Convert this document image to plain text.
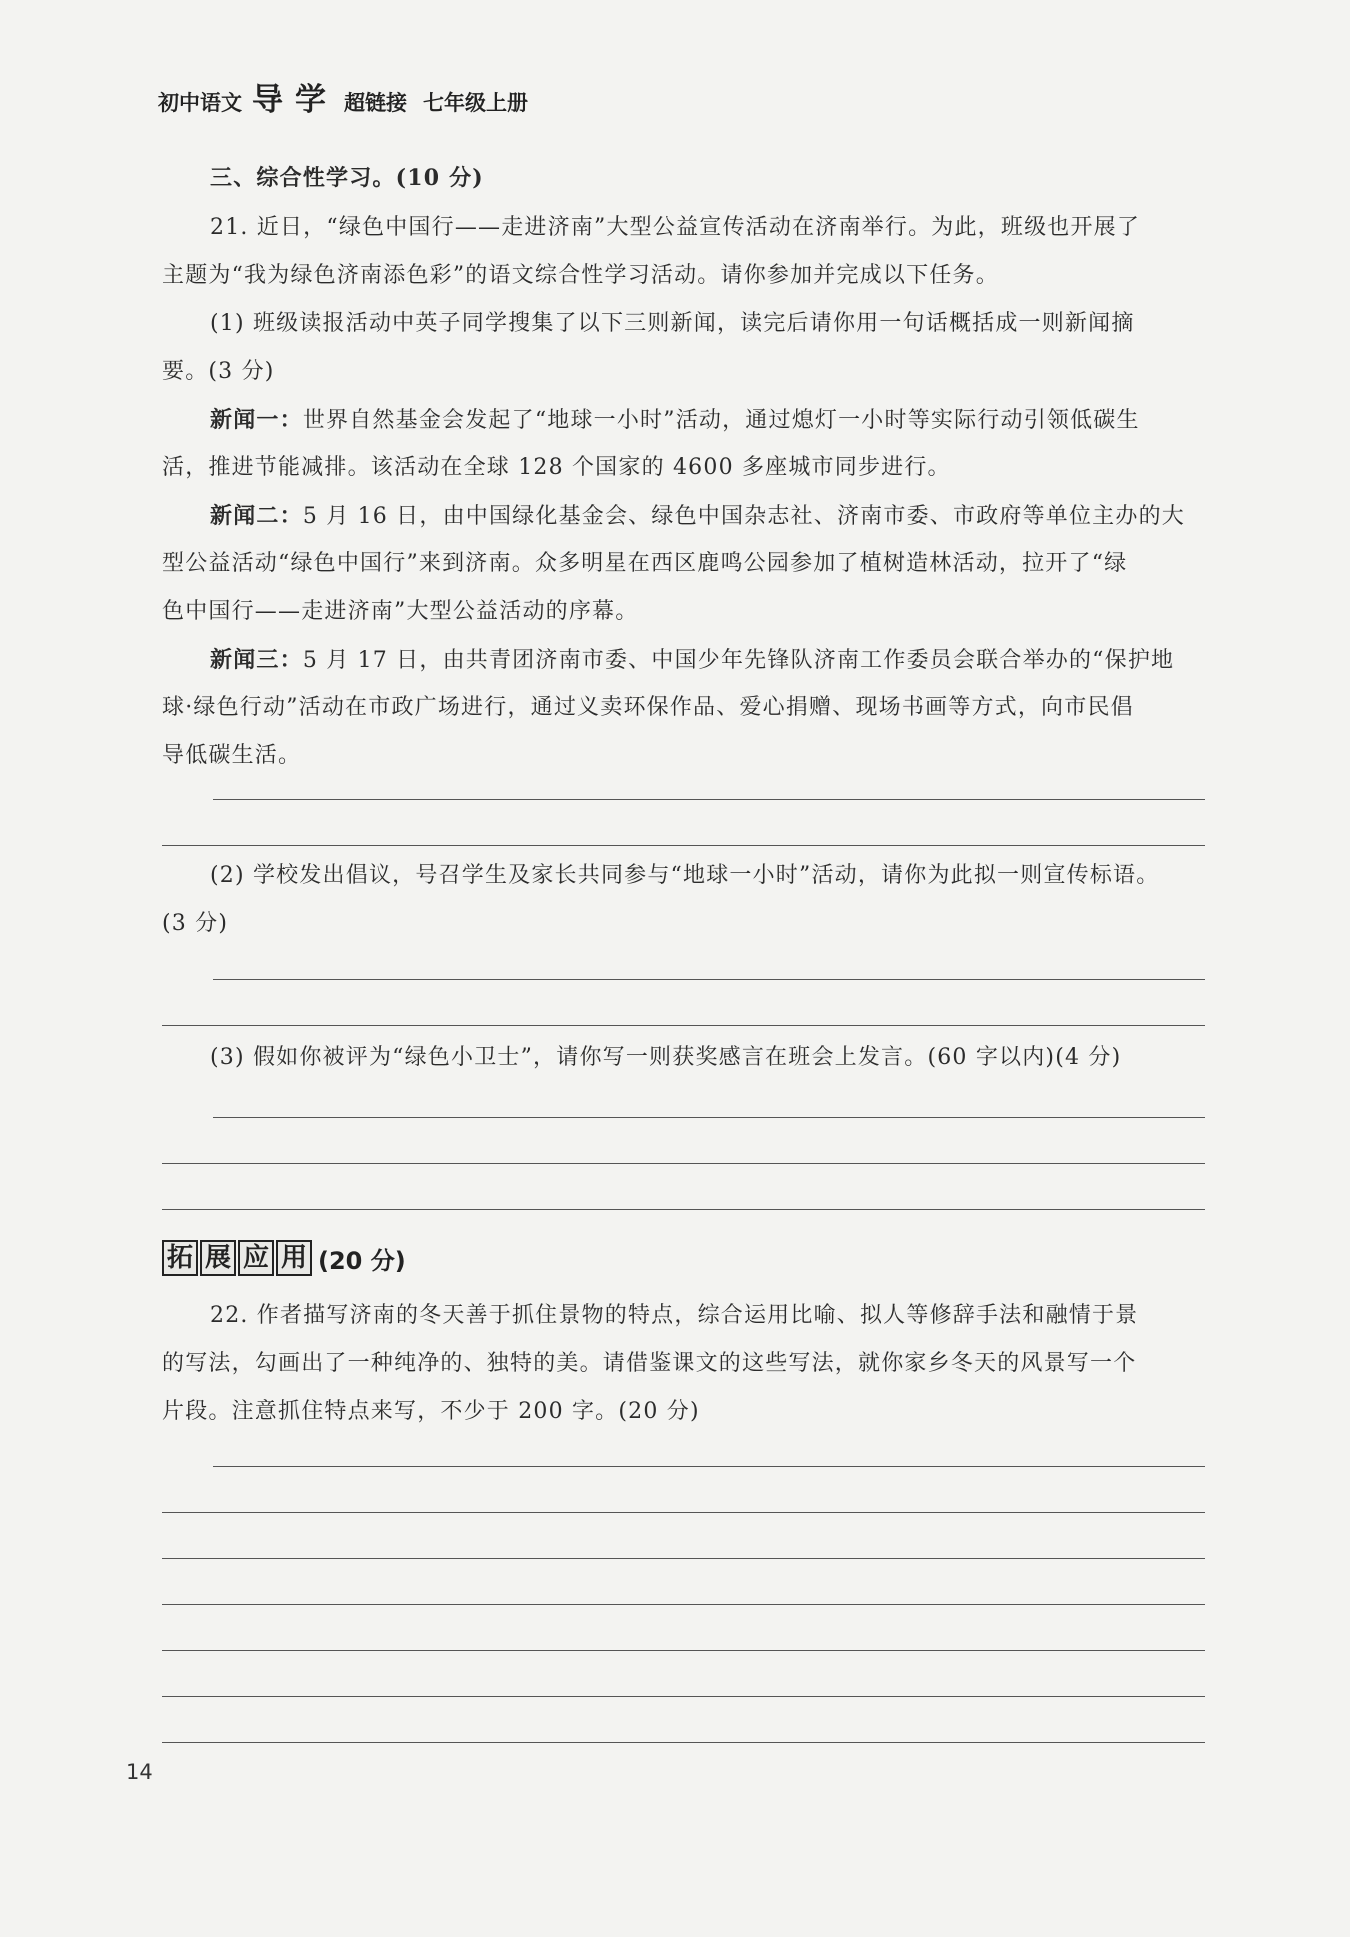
初中语文 导 学 超链接 七年级上册
三、综合性学习。(10 分)
21. 近日，“绿色中国行——走进济南”大型公益宣传活动在济南举行。为此，班级也开展了
主题为“我为绿色济南添色彩”的语文综合性学习活动。请你参加并完成以下任务。
(1) 班级读报活动中英子同学搜集了以下三则新闻，读完后请你用一句话概括成一则新闻摘
要。(3 分)
新闻一：世界自然基金会发起了“地球一小时”活动，通过熄灯一小时等实际行动引领低碳生
活，推进节能减排。该活动在全球 128 个国家的 4600 多座城市同步进行。
新闻二：5 月 16 日，由中国绿化基金会、绿色中国杂志社、济南市委、市政府等单位主办的大
型公益活动“绿色中国行”来到济南。众多明星在西区鹿鸣公园参加了植树造林活动，拉开了“绿
色中国行——走进济南”大型公益活动的序幕。
新闻三：5 月 17 日，由共青团济南市委、中国少年先锋队济南工作委员会联合举办的“保护地
球·绿色行动”活动在市政广场进行，通过义卖环保作品、爱心捐赠、现场书画等方式，向市民倡
导低碳生活。
(2) 学校发出倡议，号召学生及家长共同参与“地球一小时”活动，请你为此拟一则宣传标语。
(3 分)
(3) 假如你被评为“绿色小卫士”，请你写一则获奖感言在班会上发言。(60 字以内)(4 分)
拓 展 应 用 (20 分)
22. 作者描写济南的冬天善于抓住景物的特点，综合运用比喻、拟人等修辞手法和融情于景
的写法，勾画出了一种纯净的、独特的美。请借鉴课文的这些写法，就你家乡冬天的风景写一个
片段。注意抓住特点来写，不少于 200 字。(20 分)
14
